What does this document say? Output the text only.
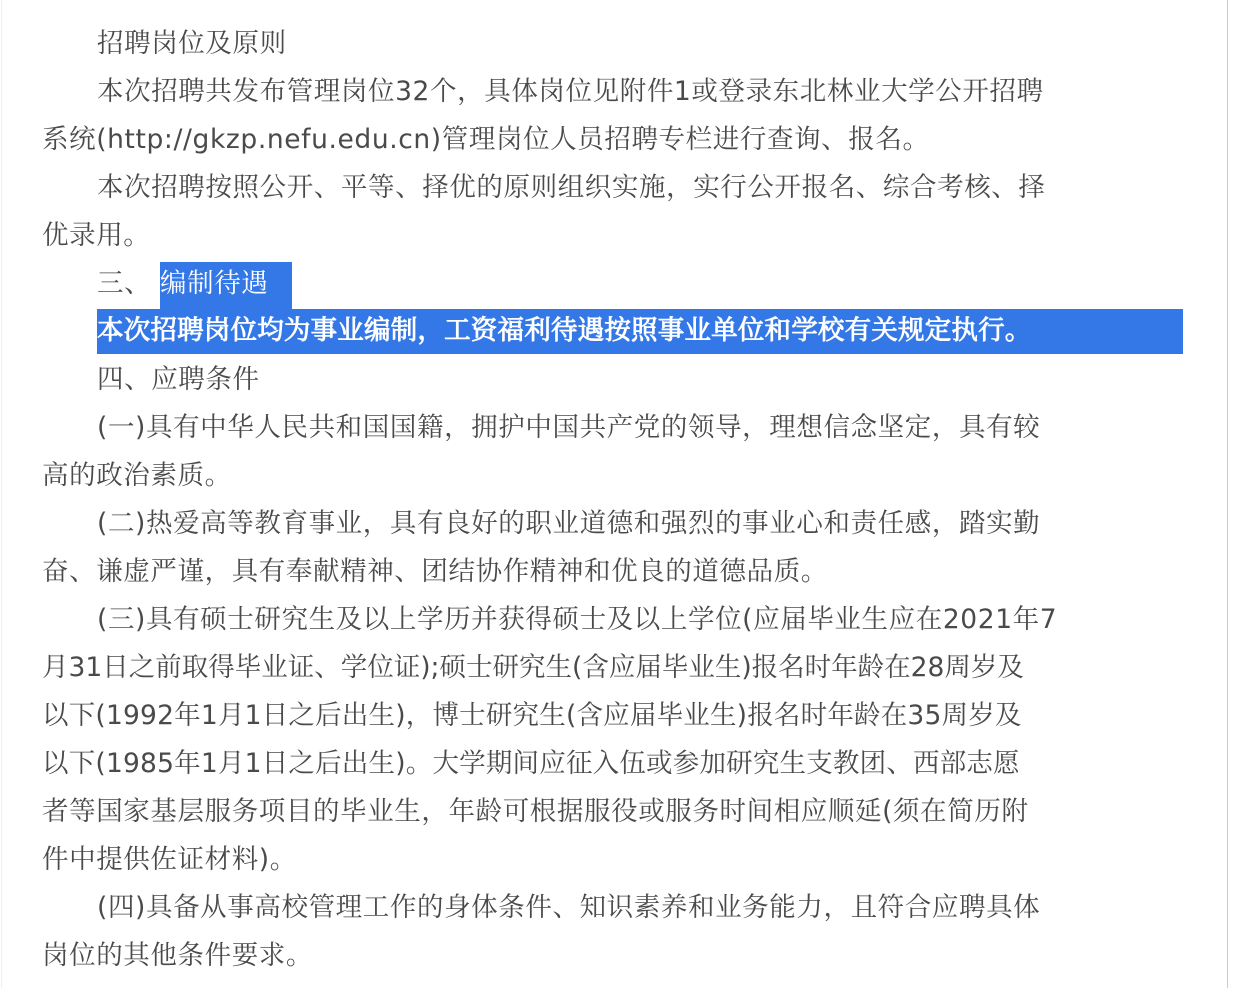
招聘岗位及原则
本次招聘共发布管理岗位32个，具体岗位见附件1或登录东北林业大学公开招聘
系统(http://gkzp.nefu.edu.cn)管理岗位人员招聘专栏进行查询、报名。
本次招聘按照公开、平等、择优的原则组织实施，实行公开报名、综合考核、择
优录用。
三、 编制待遇
本次招聘岗位均为事业编制，工资福利待遇按照事业单位和学校有关规定执行。
四、应聘条件
(一)具有中华人民共和国国籍，拥护中国共产党的领导，理想信念坚定，具有较
高的政治素质。
(二)热爱高等教育事业，具有良好的职业道德和强烈的事业心和责任感，踏实勤
奋、谦虚严谨，具有奉献精神、团结协作精神和优良的道德品质。
(三)具有硕士研究生及以上学历并获得硕士及以上学位(应届毕业生应在2021年7
月31日之前取得毕业证、学位证);硕士研究生(含应届毕业生)报名时年龄在28周岁及
以下(1992年1月1日之后出生)，博士研究生(含应届毕业生)报名时年龄在35周岁及
以下(1985年1月1日之后出生)。大学期间应征入伍或参加研究生支教团、西部志愿
者等国家基层服务项目的毕业生，年龄可根据服役或服务时间相应顺延(须在简历附
件中提供佐证材料)。
(四)具备从事高校管理工作的身体条件、知识素养和业务能力，且符合应聘具体
岗位的其他条件要求。
